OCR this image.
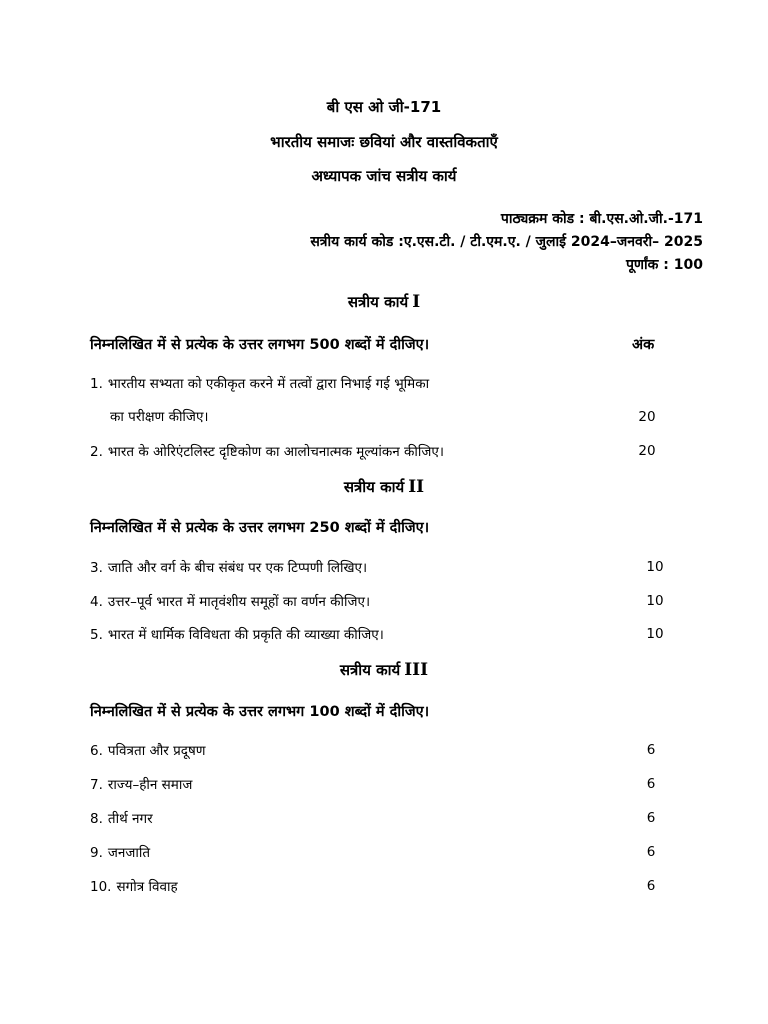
बी एस ओ जी-171
भारतीय समाजः छवियां और वास्तविकताएँ
अध्यापक जांच सत्रीय कार्य
पाठ्यक्रम कोड : बी.एस.ओ.जी.-171
सत्रीय कार्य कोड :ए.एस.टी. / टी.एम.ए. / जुलाई 2024–जनवरी– 2025
पूर्णांक : 100
सत्रीय कार्य I
निम्नलिखित में से प्रत्येक के उत्तर लगभग 500 शब्दों में दीजिए।	अंक
1. भारतीय सभ्यता को एकीकृत करने में तत्वों द्वारा निभाई गई भूमिका
का परीक्षण कीजिए।	20
2. भारत के ओरिएंटलिस्ट दृष्टिकोण का आलोचनात्मक मूल्यांकन कीजिए।	20
सत्रीय कार्य II
निम्नलिखित में से प्रत्येक के उत्तर लगभग 250 शब्दों में दीजिए।
3. जाति और वर्ग के बीच संबंध पर एक टिप्पणी लिखिए।	10
4. उत्तर–पूर्व भारत में मातृवंशीय समूहों का वर्णन कीजिए।	10
5. भारत में धार्मिक विविधता की प्रकृति की व्याख्या कीजिए।	10
सत्रीय कार्य III
निम्नलिखित में से प्रत्येक के उत्तर लगभग 100 शब्दों में दीजिए।
6. पवित्रता और प्रदूषण	6
7. राज्य–हीन समाज	6
8. तीर्थ नगर	6
9. जनजाति	6
10. सगोत्र विवाह	6
